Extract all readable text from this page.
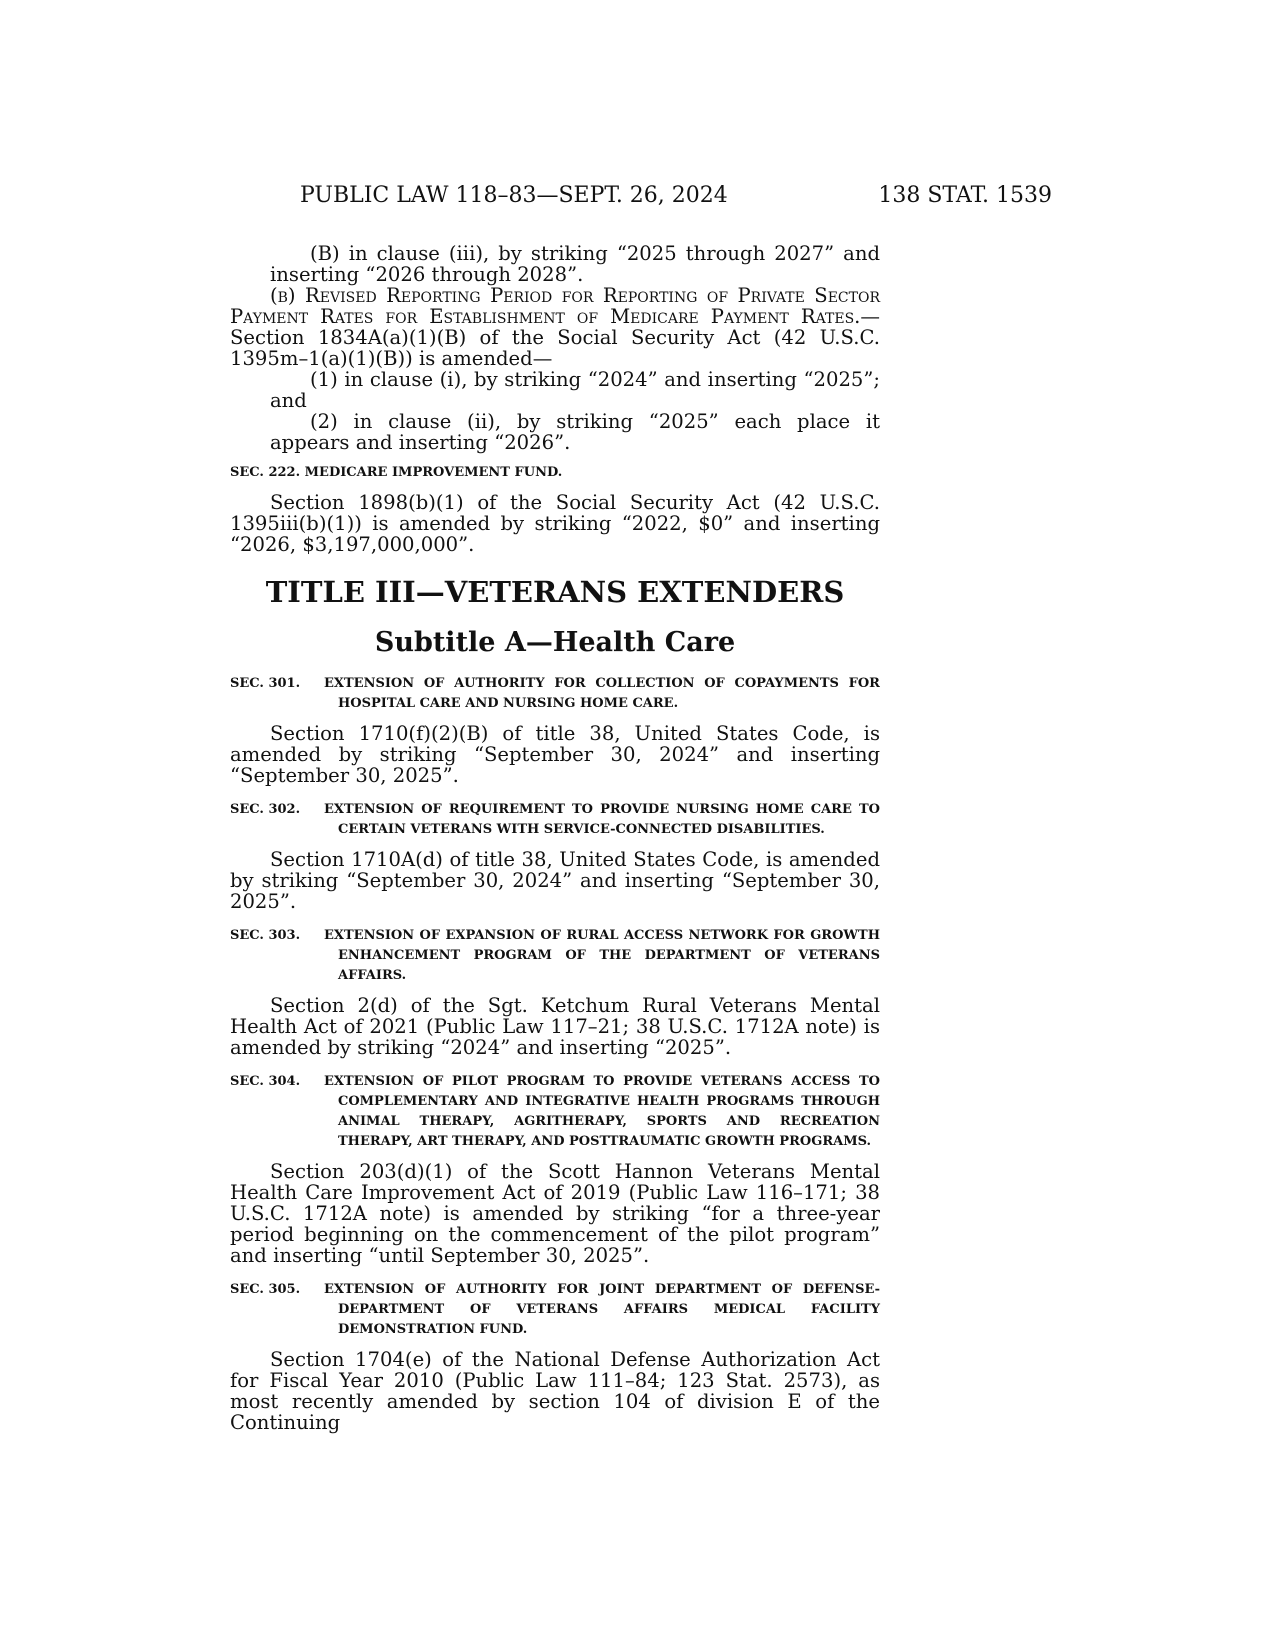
PUBLIC LAW 118–83—SEPT. 26, 2024	138 STAT. 1539

(B) in clause (iii), by striking “2025 through 2027” and inserting “2026 through 2028”.

(b) Revised Reporting Period for Reporting of Private Sector Payment Rates for Establishment of Medicare Payment Rates.—Section 1834A(a)(1)(B) of the Social Security Act (42 U.S.C. 1395m–1(a)(1)(B)) is amended—

(1) in clause (i), by striking “2024” and inserting “2025”; and

(2) in clause (ii), by striking “2025” each place it appears and inserting “2026”.

SEC. 222. MEDICARE IMPROVEMENT FUND.

Section 1898(b)(1) of the Social Security Act (42 U.S.C. 1395iii(b)(1)) is amended by striking “2022, $0” and inserting “2026, $3,197,000,000”.

TITLE III—VETERANS EXTENDERS
Subtitle A—Health Care
SEC. 301. EXTENSION OF AUTHORITY FOR COLLECTION OF COPAYMENTS FOR HOSPITAL CARE AND NURSING HOME CARE.

Section 1710(f)(2)(B) of title 38, United States Code, is amended by striking “September 30, 2024” and inserting “September 30, 2025”.

SEC. 302. EXTENSION OF REQUIREMENT TO PROVIDE NURSING HOME CARE TO CERTAIN VETERANS WITH SERVICE-CONNECTED DISABILITIES.

Section 1710A(d) of title 38, United States Code, is amended by striking “September 30, 2024” and inserting “September 30, 2025”.

SEC. 303. EXTENSION OF EXPANSION OF RURAL ACCESS NETWORK FOR GROWTH ENHANCEMENT PROGRAM OF THE DEPARTMENT OF VETERANS AFFAIRS.

Section 2(d) of the Sgt. Ketchum Rural Veterans Mental Health Act of 2021 (Public Law 117–21; 38 U.S.C. 1712A note) is amended by striking “2024” and inserting “2025”.

SEC. 304. EXTENSION OF PILOT PROGRAM TO PROVIDE VETERANS ACCESS TO COMPLEMENTARY AND INTEGRATIVE HEALTH PROGRAMS THROUGH ANIMAL THERAPY, AGRITHERAPY, SPORTS AND RECREATION THERAPY, ART THERAPY, AND POSTTRAUMATIC GROWTH PROGRAMS.

Section 203(d)(1) of the Scott Hannon Veterans Mental Health Care Improvement Act of 2019 (Public Law 116–171; 38 U.S.C. 1712A note) is amended by striking “for a three-year period beginning on the commencement of the pilot program” and inserting “until September 30, 2025”.

SEC. 305. EXTENSION OF AUTHORITY FOR JOINT DEPARTMENT OF DEFENSE-DEPARTMENT OF VETERANS AFFAIRS MEDICAL FACILITY DEMONSTRATION FUND.

Section 1704(e) of the National Defense Authorization Act for Fiscal Year 2010 (Public Law 111–84; 123 Stat. 2573), as most recently amended by section 104 of division E of the Continuing
